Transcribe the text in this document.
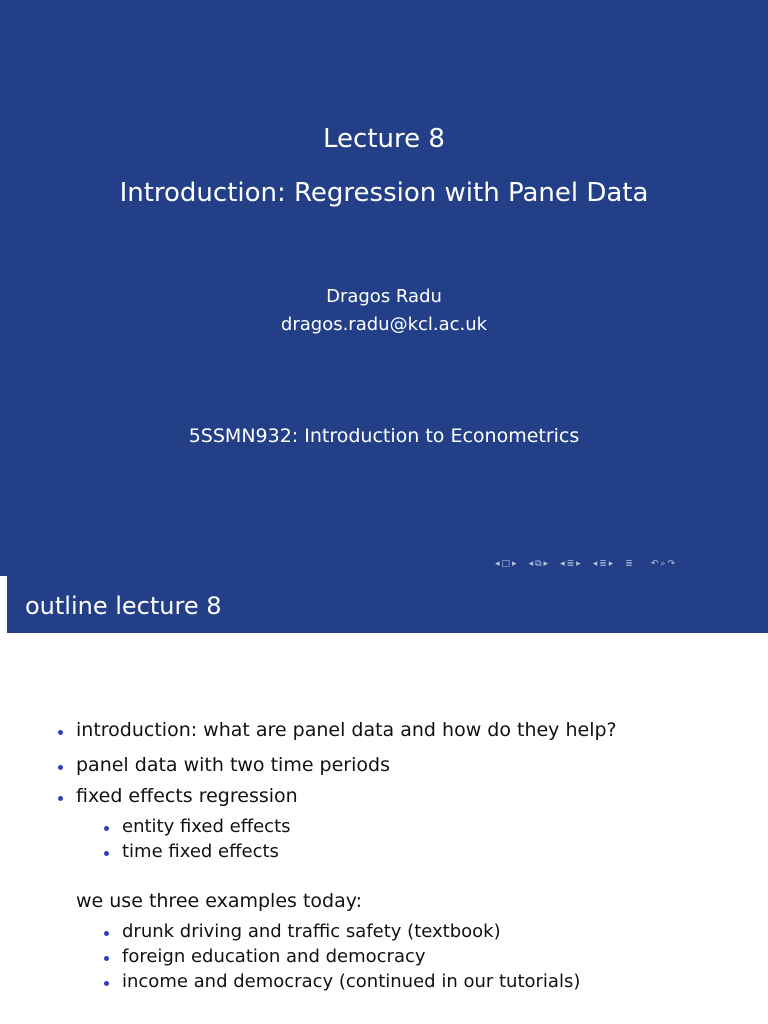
Lecture 8
Introduction: Regression with Panel Data
Dragos Radu
dragos.radu@kcl.ac.uk
5SSMN932: Introduction to Econometrics
◂ □ ▸ ◂ ⧉ ▸ ◂ ≣ ▸ ◂ ≣ ▸ ≣ ↶ ⌕ ↷
outline lecture 8
introduction: what are panel data and how do they help?
panel data with two time periods
fixed effects regression
entity fixed effects
time fixed effects
we use three examples today:
drunk driving and traffic safety (textbook)
foreign education and democracy
income and democracy (continued in our tutorials)
